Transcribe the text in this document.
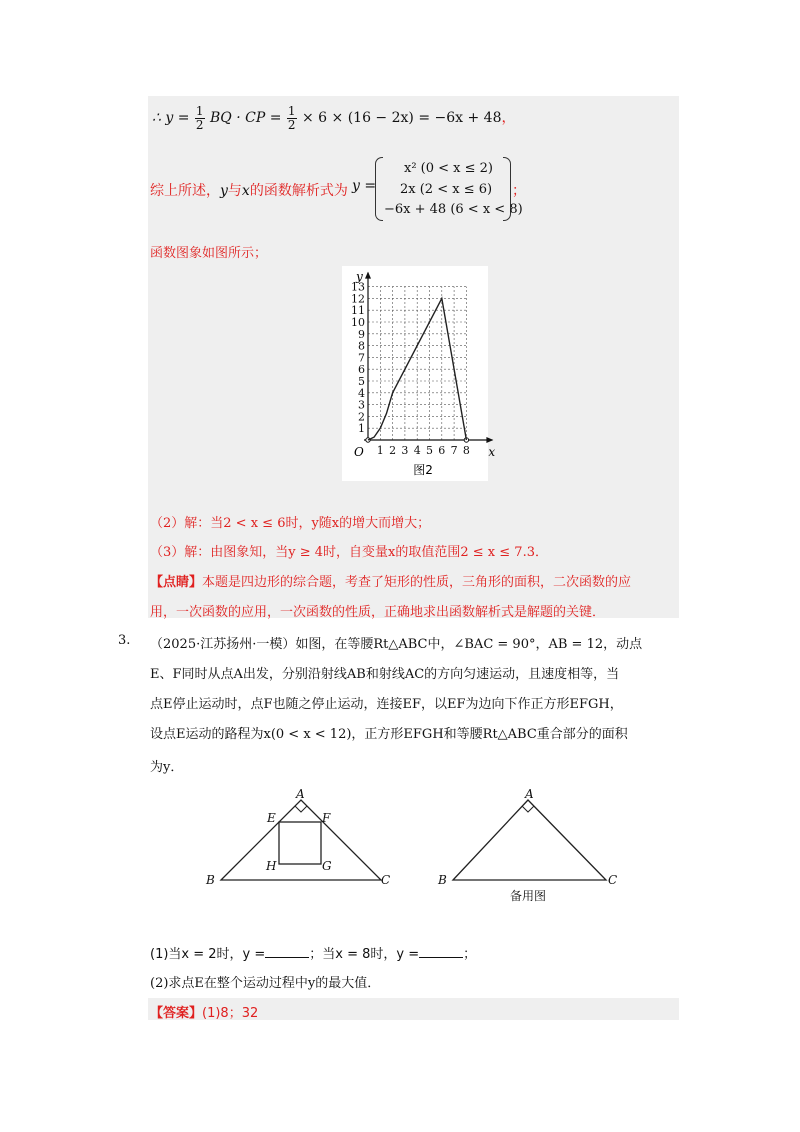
∴ $y = \frac{1}{2}$ BQ · CP = $\frac{1}{2} \times 6 \times (16 - 2x) = -6x + 48$，
综上所述，y与x的函数解析式为 y =
x² (0 < x ≤ 2)
2x (2 < x ≤ 6)
−6x + 48 (6 < x < 8)
；
函数图象如图所示；
1
2
3
4
5
6
7
8
9
10
11
12
13
1 2 3 4 5 6 7 8
y
x
O
图2
（2）解：当2 < x ≤ 6时，y随x的增大而增大；
（3）解：由图象知，当y ≥ 4时，自变量x的取值范围2 ≤ x ≤ 7.3．
【点睛】本题是四边形的综合题，考查了矩形的性质，三角形的面积，二次函数的应
用，一次函数的应用，一次函数的性质，正确地求出函数解析式是解题的关键．
3. （2025·江苏扬州·一模）如图，在等腰Rt△ABC中，∠BAC = 90°，AB = 12，动点
E、F同时从点A出发，分别沿射线AB和射线AC的方向匀速运动，且速度相等，当
点E停止运动时，点F也随之停止运动，连接EF，以EF为边向下作正方形EFGH，
设点E运动的路程为x(0 < x < 12)，正方形EFGH和等腰Rt△ABC重合部分的面积
为y．
A
B	C
E	F
G
H
A
B	C
备用图
(1)当x = 2时，y =	；当x = 8时，y =	；
(2)求点E在整个运动过程中y的最大值．
【答案】(1)8；32
